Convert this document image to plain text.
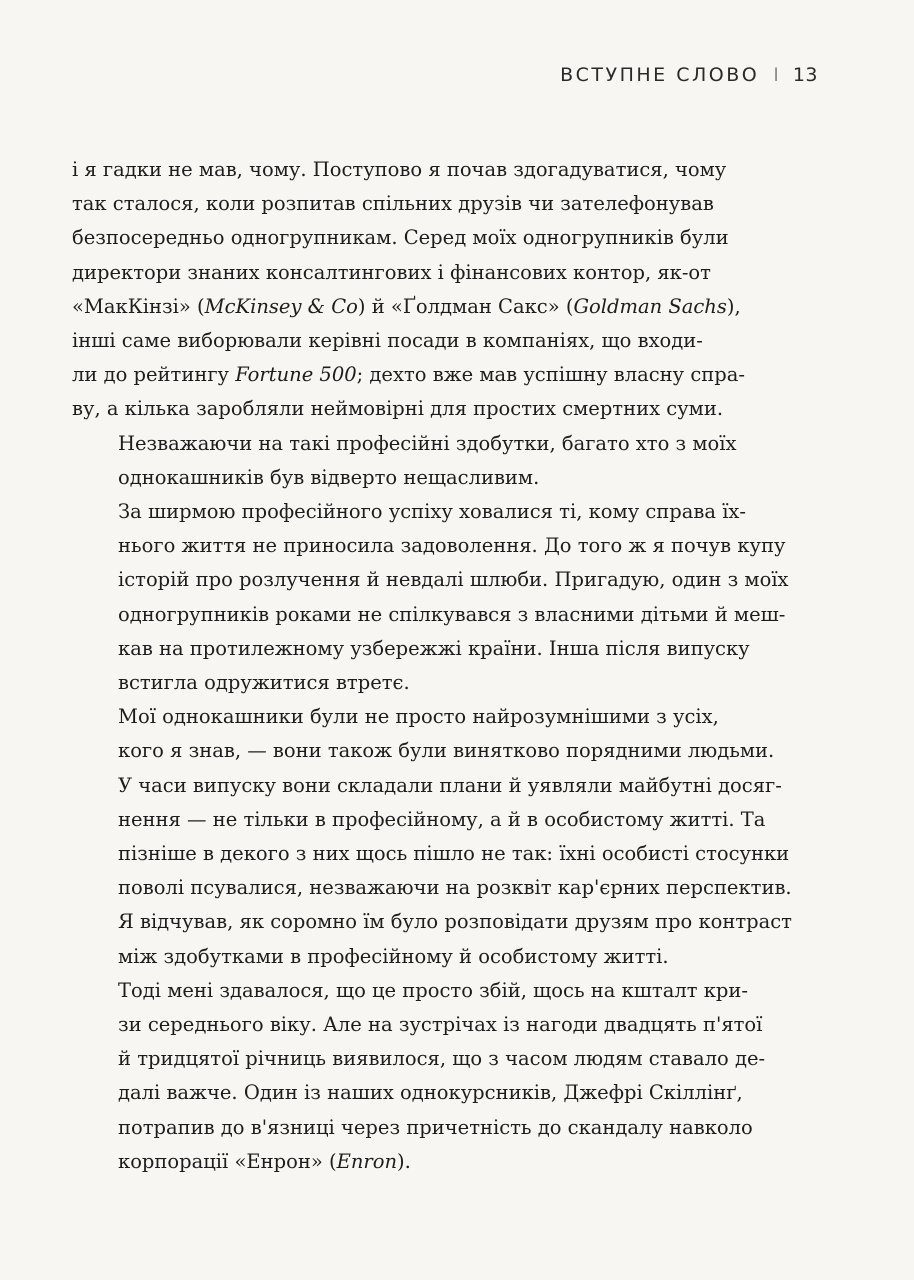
ВСТУПНЕ СЛОВО I 13

і я гадки не мав, чому. Поступово я почав здогадуватися, чому
так сталося, коли розпитав спільних друзів чи зателефонував
безпосередньо одногрупникам. Серед моїх одногрупників були
директори знаних консалтингових і фінансових контор, як-от
«МакКінзі» (McKinsey & Co) й «Ґолдман Сакс» (Goldman Sachs),
інші саме виборювали керівні посади в компаніях, що входи-
ли до рейтингу Fortune 500; дехто вже мав успішну власну спра-
ву, а кілька заробляли неймовірні для простих смертних суми.

Незважаючи на такі професійні здобутки, багато хто з моїх
однокашників був відверто нещасливим.

За ширмою професійного успіху ховалися ті, кому справа їх-
нього життя не приносила задоволення. До того ж я почув купу
історій про розлучення й невдалі шлюби. Пригадую, один з моїх
одногрупників роками не спілкувався з власними дітьми й меш-
кав на протилежному узбережжі країни. Інша після випуску
встигла одружитися втретє.

Мої однокашники були не просто найрозумнішими з усіх,
кого я знав, — вони також були винятково порядними людьми.
У часи випуску вони складали плани й уявляли майбутні досяг-
нення — не тільки в професійному, а й в особистому житті. Та
пізніше в декого з них щось пішло не так: їхні особисті стосунки
поволі псувалися, незважаючи на розквіт кар'єрних перспектив.
Я відчував, як соромно їм було розповідати друзям про контраст
між здобутками в професійному й особистому житті.

Тоді мені здавалося, що це просто збій, щось на кшталт кри-
зи середнього віку. Але на зустрічах із нагоди двадцять п'ятої
й тридцятої річниць виявилося, що з часом людям ставало де-
далі важче. Один із наших однокурсників, Джефрі Скіллінґ,
потрапив до в'язниці через причетність до скандалу навколо
корпорації «Енрон» (Enron).
